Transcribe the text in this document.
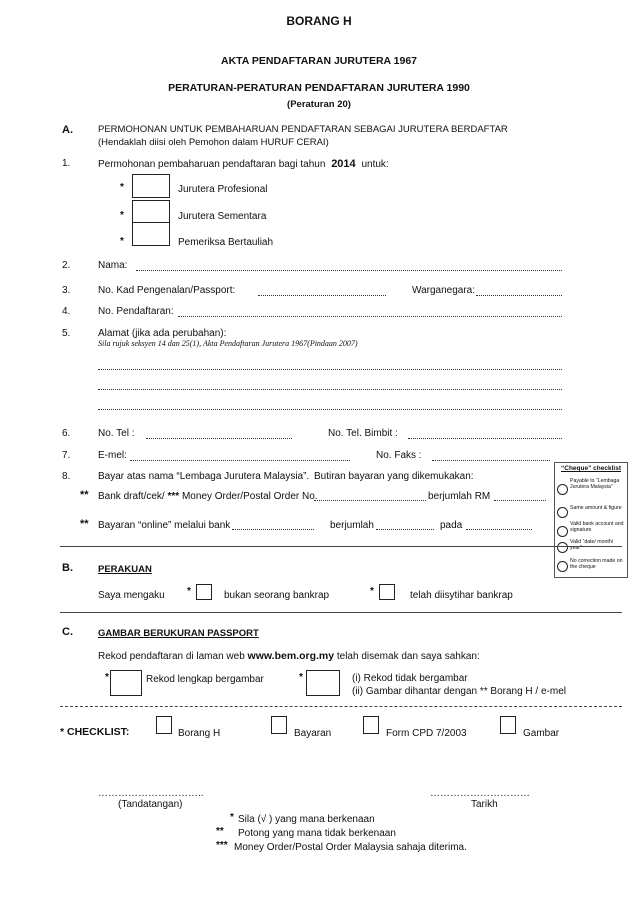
BORANG H
AKTA PENDAFTARAN JURUTERA 1967
PERATURAN-PERATURAN PENDAFTARAN JURUTERA 1990
(Peraturan 20)
A.	PERMOHONAN UNTUK PEMBAHARUAN PENDAFTARAN SEBAGAI JURUTERA BERDAFTAR
(Hendaklah diisi oleh Pemohon dalam HURUF CERAI)
1.	Permohonan pembaharuan pendaftaran bagi tahun 2014 untuk:
*	Jurutera Profesional
*	Jurutera Sementara
*	Pemeriksa Bertauliah
2.	Nama:
3.	No. Kad Pengenalan/Passport:	Warganegara:
4.	No. Pendaftaran:
5.	Alamat (jika ada perubahan):
Sila rujuk seksyen 14 dan 25(1), Akta Pendaftaran Jurutera 1967(Pindaan 2007)
6.	No. Tel :	No. Tel. Bimbit :
7.	E-mel:	No. Faks :
8.	Bayar atas nama “Lembaga Jurutera Malaysia”. Butiran bayaran yang dikemukakan:
** Bank draft/cek/ *** Money Order/Postal Order No.	berjumlah RM
** Bayaran “online” melalui bank	berjumlah	pada
“Cheque” checklist
Payable to “Lembaga Jurutera Malaysia”
Same amount & figure
Valid bank account and signature
Valid “date/ month/ year”
No correction made on the cheque
B.	PERAKUAN
Saya mengaku *	bukan seorang bankrap	*	telah diisytihar bankrap
C.	GAMBAR BERUKURAN PASSPORT
Rekod pendaftaran di laman web www.bem.org.my telah disemak dan saya sahkan:
*	Rekod lengkap bergambar	*	(i) Rekod tidak bergambar
(ii) Gambar dihantar dengan ** Borang H / e-mel
* CHECKLIST:	Borang H	Bayaran	Form CPD 7/2003	Gambar
…………………………..	…………………………
(Tandatangan)	Tarikh
* Sila (√ ) yang mana berkenaan
** Potong yang mana tidak berkenaan
*** Money Order/Postal Order Malaysia sahaja diterima.
